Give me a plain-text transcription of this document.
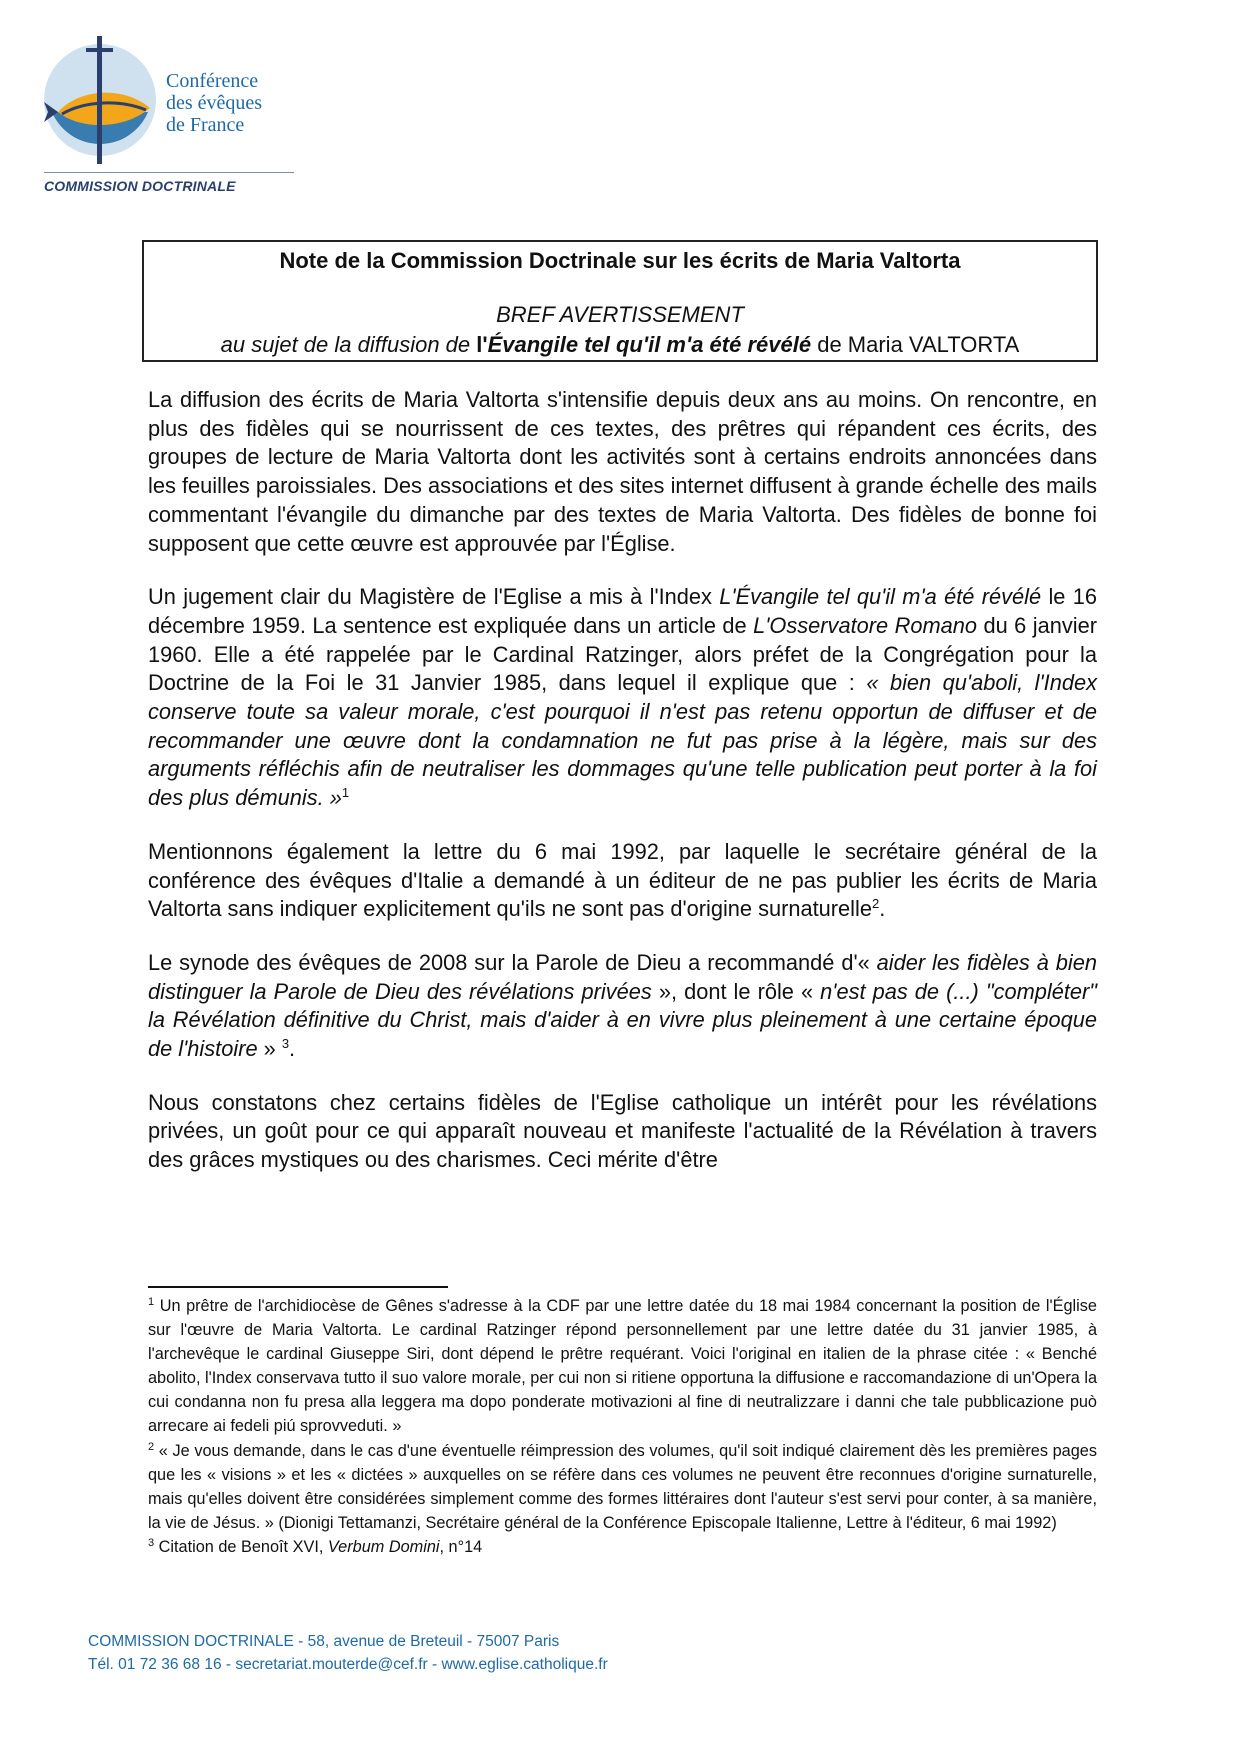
Conférence
des évêques
de France
COMMISSION DOCTRINALE
Note de la Commission Doctrinale sur les écrits de Maria Valtorta
BREF AVERTISSEMENT
au sujet de la diffusion de l'Évangile tel qu'il m'a été révélé de Maria VALTORTA

La diffusion des écrits de Maria Valtorta s'intensifie depuis deux ans au moins. On rencontre, en plus des fidèles qui se nourrissent de ces textes, des prêtres qui répandent ces écrits, des groupes de lecture de Maria Valtorta dont les activités sont à certains endroits annoncées dans les feuilles paroissiales. Des associations et des sites internet diffusent à grande échelle des mails commentant l'évangile du dimanche par des textes de Maria Valtorta. Des fidèles de bonne foi supposent que cette œuvre est approuvée par l'Église.

Un jugement clair du Magistère de l'Eglise a mis à l'Index L'Évangile tel qu'il m'a été révélé le 16 décembre 1959. La sentence est expliquée dans un article de L'Osservatore Romano du 6 janvier 1960. Elle a été rappelée par le Cardinal Ratzinger, alors préfet de la Congrégation pour la Doctrine de la Foi le 31 Janvier 1985, dans lequel il explique que : « bien qu'aboli, l'Index conserve toute sa valeur morale, c'est pourquoi il n'est pas retenu opportun de diffuser et de recommander une œuvre dont la condamnation ne fut pas prise à la légère, mais sur des arguments réfléchis afin de neutraliser les dommages qu'une telle publication peut porter à la foi des plus démunis. »$^1$

Mentionnons également la lettre du 6 mai 1992, par laquelle le secrétaire général de la conférence des évêques d'Italie a demandé à un éditeur de ne pas publier les écrits de Maria Valtorta sans indiquer explicitement qu'ils ne sont pas d'origine surnaturelle$^2$.

Le synode des évêques de 2008 sur la Parole de Dieu a recommandé d'« aider les fidèles à bien distinguer la Parole de Dieu des révélations privées », dont le rôle « n'est pas de (...) "compléter" la Révélation définitive du Christ, mais d'aider à en vivre plus pleinement à une certaine époque de l'histoire » $^3$.

Nous constatons chez certains fidèles de l'Eglise catholique un intérêt pour les révélations privées, un goût pour ce qui apparaît nouveau et manifeste l'actualité de la Révélation à travers des grâces mystiques ou des charismes. Ceci mérite d'être

$^1$ Un prêtre de l'archidiocèse de Gênes s'adresse à la CDF par une lettre datée du 18 mai 1984 concernant la position de l'Église sur l'œuvre de Maria Valtorta. Le cardinal Ratzinger répond personnellement par une lettre datée du 31 janvier 1985, à l'archevêque le cardinal Giuseppe Siri, dont dépend le prêtre requérant. Voici l'original en italien de la phrase citée : « Benché abolito, l'Index conservava tutto il suo valore morale, per cui non si ritiene opportuna la diffusione e raccomandazione di un'Opera la cui condanna non fu presa alla leggera ma dopo ponderate motivazioni al fine di neutralizzare i danni che tale pubblicazione può arrecare ai fedeli piú sprovveduti. »

$^2$ « Je vous demande, dans le cas d'une éventuelle réimpression des volumes, qu'il soit indiqué clairement dès les premières pages que les « visions » et les « dictées » auxquelles on se réfère dans ces volumes ne peuvent être reconnues d'origine surnaturelle, mais qu'elles doivent être considérées simplement comme des formes littéraires dont l'auteur s'est servi pour conter, à sa manière, la vie de Jésus. » (Dionigi Tettamanzi, Secrétaire général de la Conférence Episcopale Italienne, Lettre à l'éditeur, 6 mai 1992)

$^3$ Citation de Benoît XVI, Verbum Domini, n°14

COMMISSION DOCTRINALE - 58, avenue de Breteuil - 75007 Paris
Tél. 01 72 36 68 16 - secretariat.mouterde@cef.fr - www.eglise.catholique.fr
